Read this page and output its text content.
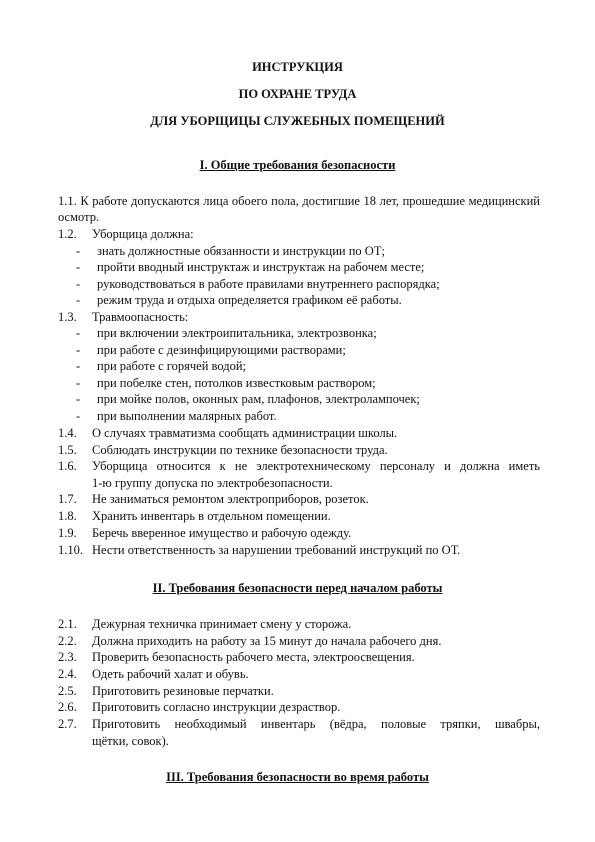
ИНСТРУКЦИЯ
ПО ОХРАНЕ ТРУДА
ДЛЯ УБОРЩИЦЫ СЛУЖЕБНЫХ ПОМЕЩЕНИЙ
I. Общие требования безопасности
1.1. К работе допускаются лица обоего пола, достигшие 18 лет, прошедшие медицинский осмотр.
1.2. Уборщица должна:
- знать должностные обязанности и инструкции по ОТ;
- пройти вводный инструктаж и инструктаж на рабочем месте;
- руководствоваться в работе правилами внутреннего распорядка;
- режим труда и отдыха определяется графиком её работы.
1.3. Травмоопасность:
- при включении электроипитальника, электрозвонка;
- при работе с дезинфицирующими растворами;
- при работе с горячей водой;
- при побелке стен, потолков известковым раствором;
- при мойке полов, оконных рам, плафонов, электролампочек;
- при выполнении малярных работ.
1.4. О случаях травматизма сообщать администрации школы.
1.5. Соблюдать инструкции по технике безопасности труда.
1.6. Уборщица относится к не электротехническому персоналу и должна иметь
1-ю группу допуска по электробезопасности.
1.7. Не заниматься ремонтом электроприборов, розеток.
1.8. Хранить инвентарь в отдельном помещении.
1.9. Беречь вверенное имущество и рабочую одежду.
1.10. Нести ответственность за нарушении требований инструкций по ОТ.
II. Требования безопасности перед началом работы
2.1. Дежурная техничка принимает смену у сторожа.
2.2. Должна приходить на работу за 15 минут до начала рабочего дня.
2.3. Проверить безопасность рабочего места, электроосвещения.
2.4. Одеть рабочий халат и обувь.
2.5. Приготовить резиновые перчатки.
2.6. Приготовить согласно инструкции дезраствор.
2.7. Приготовить необходимый инвентарь (вёдра, половые тряпки, швабры,
щётки, совок).
III. Требования безопасности во время работы
